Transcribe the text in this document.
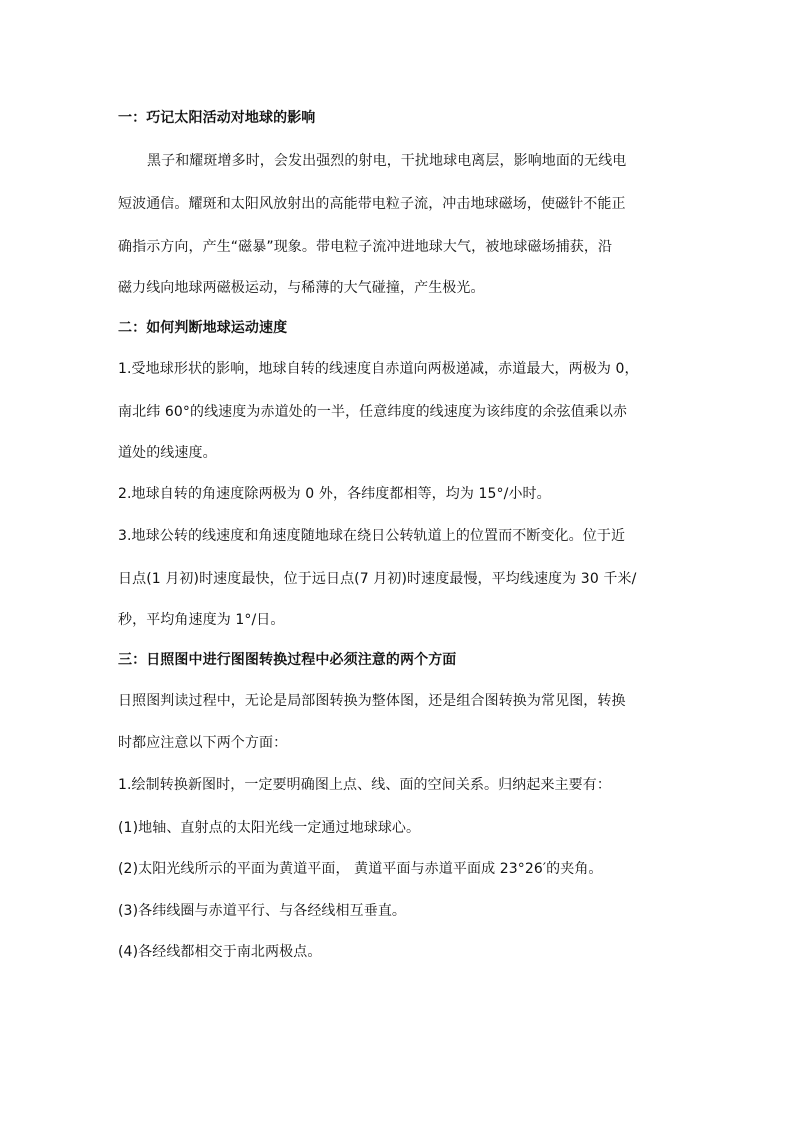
一：巧记太阳活动对地球的影响
黑子和耀斑增多时，会发出强烈的射电，干扰地球电离层，影响地面的无线电
短波通信。耀斑和太阳风放射出的高能带电粒子流，冲击地球磁场，使磁针不能正
确指示方向，产生“磁暴”现象。带电粒子流冲进地球大气，被地球磁场捕获，沿
磁力线向地球两磁极运动，与稀薄的大气碰撞，产生极光。
二：如何判断地球运动速度
1.受地球形状的影响，地球自转的线速度自赤道向两极递减，赤道最大，两极为 0，
南北纬 60°的线速度为赤道处的一半，任意纬度的线速度为该纬度的余弦值乘以赤
道处的线速度。
2.地球自转的角速度除两极为 0 外，各纬度都相等，均为 15°/小时。
3.地球公转的线速度和角速度随地球在绕日公转轨道上的位置而不断变化。位于近
日点(1 月初)时速度最快，位于远日点(7 月初)时速度最慢，平均线速度为 30 千米/
秒，平均角速度为 1°/日。
三：日照图中进行图图转换过程中必须注意的两个方面
日照图判读过程中，无论是局部图转换为整体图，还是组合图转换为常见图，转换
时都应注意以下两个方面：
1.绘制转换新图时，一定要明确图上点、线、面的空间关系。归纳起来主要有：
(1)地轴、直射点的太阳光线一定通过地球球心。
(2)太阳光线所示的平面为黄道平面， 黄道平面与赤道平面成 23°26′的夹角。
(3)各纬线圈与赤道平行、与各经线相互垂直。
(4)各经线都相交于南北两极点。
